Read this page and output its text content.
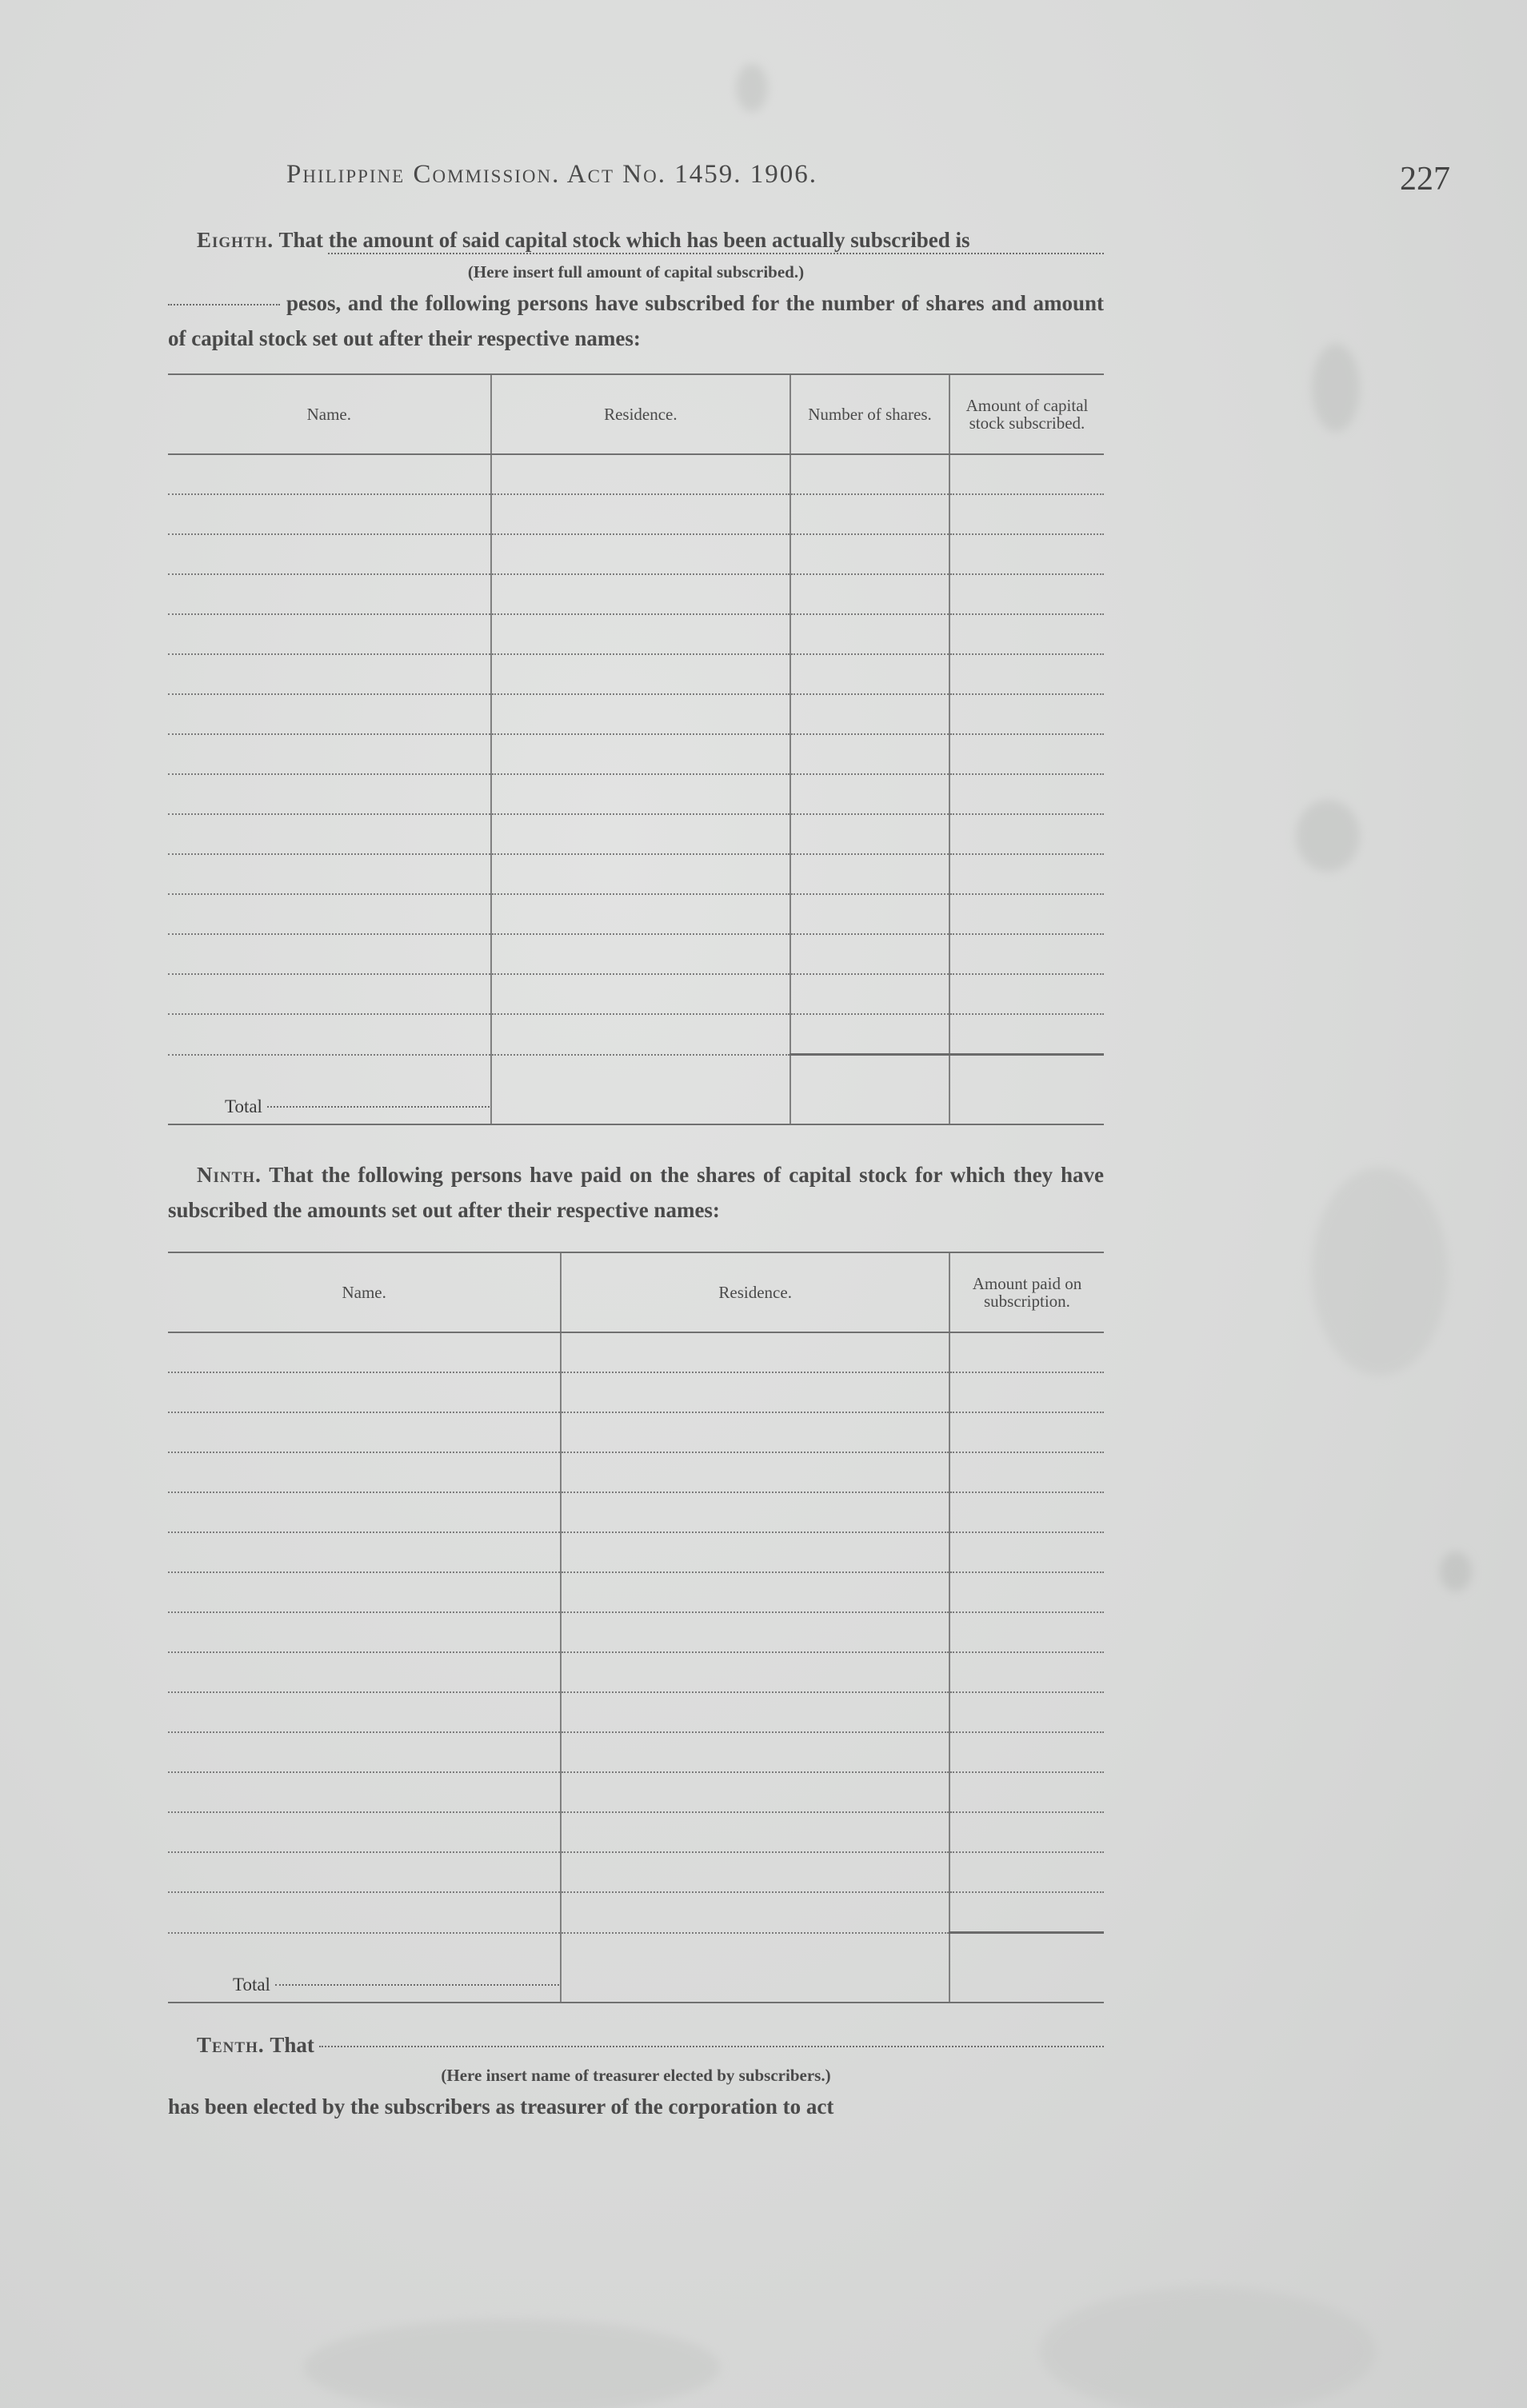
Philippine Commission. Act No. 1459. 1906.	227
Eighth. That the amount of said capital stock which has been actually subscribed is
(Here insert full amount of capital subscribed.)
pesos, and the following persons have subscribed for the number of shares and amount of capital stock set out after their respective names:
Name.	Residence.	Number of shares.	Amount of capital stock subscribed.

Total			

Ninth. That the following persons have paid on the shares of capital stock for which they have subscribed the amounts set out after their respective names:
Name.	Residence.	Amount paid on subscription.

Total		

Tenth.
That
(Here insert name of treasurer elected by subscribers.)
has been elected by the subscribers as treasurer of the corporation to act
